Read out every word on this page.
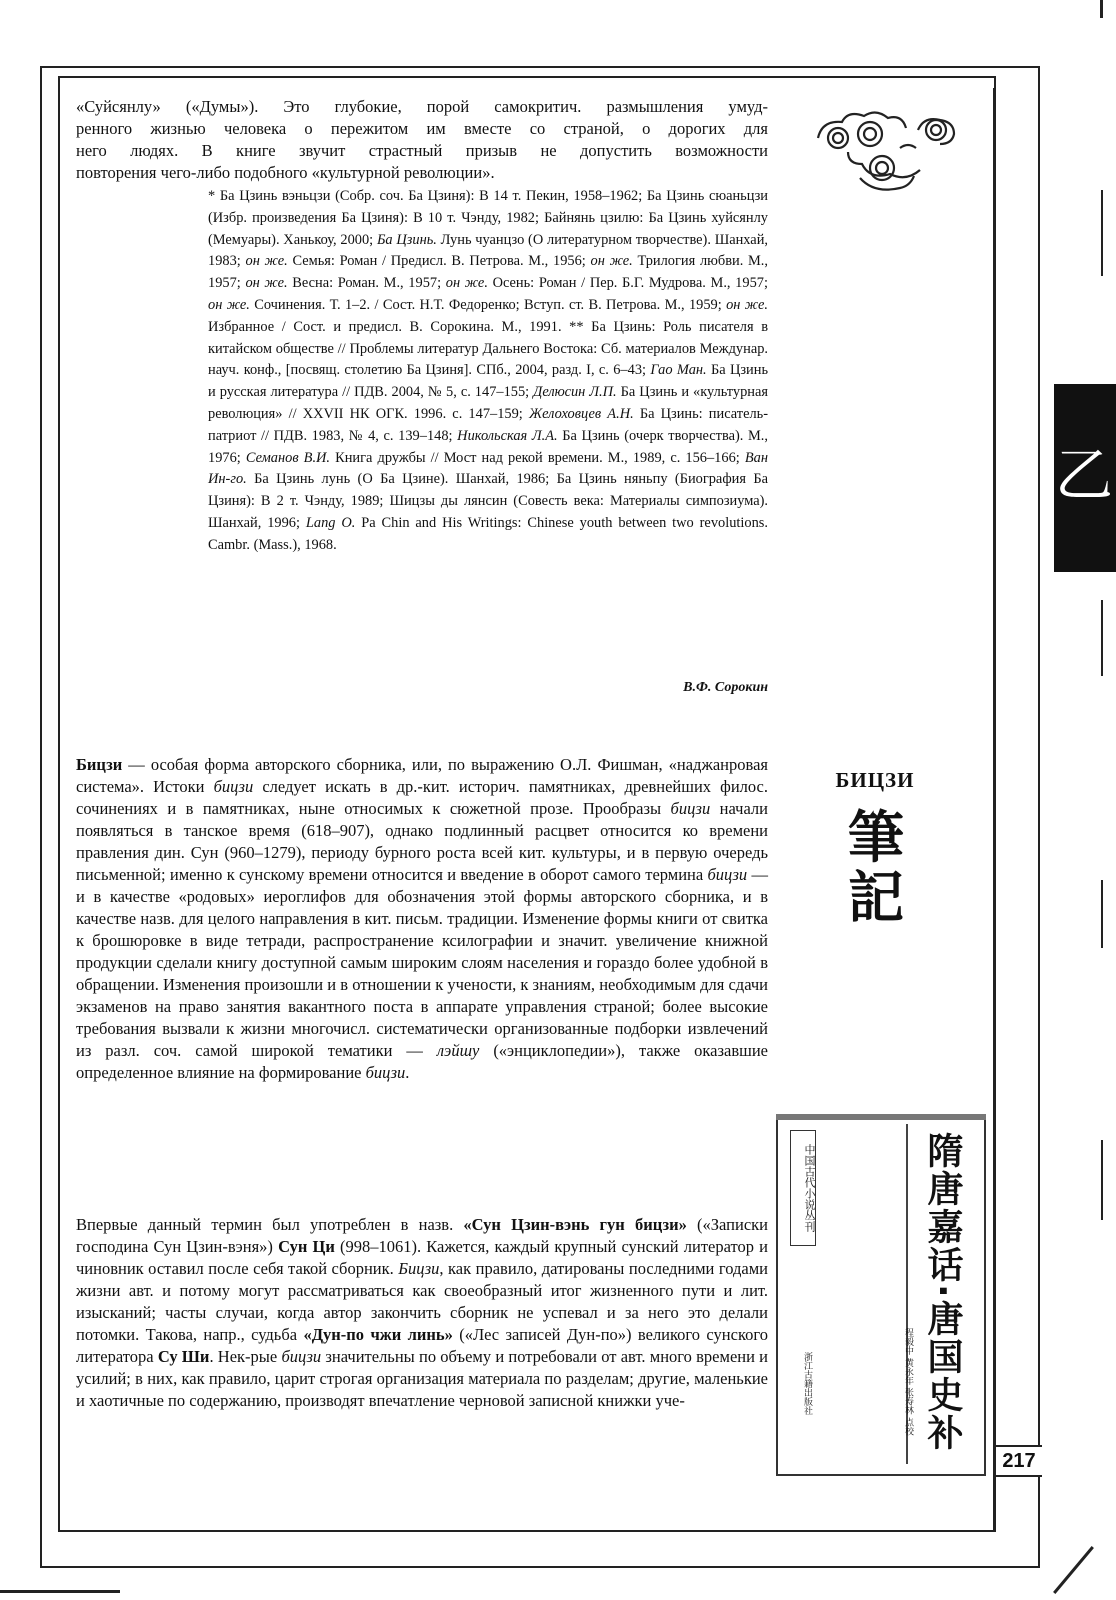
217
乙

«Суйсянлу» («Думы»). Это глубокие, порой самокритич. размышления умуд-

ренного жизнью человека о пережитом им вместе со страной, о дорогих для

него людях. В книге звучит страстный призыв не допустить возможности

повторения чего-либо подобного «культурной революции».

* Ба Цзинь вэньцзи (Собр. соч. Ба Цзиня): В 14 т. Пекин, 1958–1962; Ба Цзинь сюаньцзи (Избр. произведения Ба Цзиня): В 10 т. Чэнду, 1982; Байнянь цзилю: Ба Цзинь хуйсянлу (Мемуары). Ханькоу, 2000; Ба Цзинь. Лунь чуанцзо (О литературном творчестве). Шанхай, 1983; он же. Семья: Роман / Предисл. В. Петрова. М., 1956; он же. Трилогия любви. М., 1957; он же. Весна: Роман. М., 1957; он же. Осень: Роман / Пер. Б.Г. Мудрова. М., 1957; он же. Сочинения. Т. 1–2. / Сост. Н.Т. Федоренко; Вступ. ст. В. Петрова. М., 1959; он же. Избранное / Сост. и предисл. В. Сорокина. М., 1991. ** Ба Цзинь: Роль писателя в китайском обществе // Проблемы литератур Дальнего Востока: Сб. материалов Междунар. науч. конф., [посвящ. столетию Ба Цзиня]. СПб., 2004, разд. I, с. 6–43; Гао Ман. Ба Цзинь и русская литература // ПДВ. 2004, № 5, с. 147–155; Делюсин Л.П. Ба Цзинь и «культурная революция» // XXVII НК ОГК. 1996. с. 147–159; Желоховцев А.Н. Ба Цзинь: писатель-патриот // ПДВ. 1983, № 4, с. 139–148; Никольская Л.А. Ба Цзинь (очерк творчества). М., 1976; Семанов В.И. Книга дружбы // Мост над рекой времени. М., 1989, с. 156–166; Ван Ин-го. Ба Цзинь лунь (О Ба Цзине). Шанхай, 1986; Ба Цзинь няньпу (Биография Ба Цзиня): В 2 т. Чэнду, 1989; Шицзы ды лянсин (Совесть века: Материалы симпозиума). Шанхай, 1996; Lang O. Pa Chin and His Writings: Chinese youth between two revolutions. Cambr. (Mass.), 1968.
В.Ф. Сорокин
БИЦЗИ
筆
記
Бицзи — особая форма авторского сборника, или, по выражению О.Л. Фишман, «наджанровая система». Истоки бицзи следует искать в др.-кит. историч. памятниках, древнейших филос. сочинениях и в памятниках, ныне относимых к сюжетной прозе. Прообразы бицзи начали появляться в танское время (618–907), однако подлинный расцвет относится ко времени правления дин. Сун (960–1279), периоду бурного роста всей кит. культуры, и в первую очередь письменной; именно к сунскому времени относится и введение в оборот самого термина бицзи — и в качестве «родовых» иероглифов для обозначения этой формы авторского сборника, и в качестве назв. для целого направления в кит. письм. традиции. Изменение формы книги от свитка к брошюровке в виде тетради, распространение ксилографии и значит. увеличение книжной продукции сделали книгу доступной самым широким слоям населения и гораздо более удобной в обращении. Изменения произошли и в отношении к учености, к знаниям, необходимым для сдачи экзаменов на право занятия вакантного поста в аппарате управления страной; более высокие требования вызвали к жизни многочисл. систематически организованные подборки извлечений из разл. соч. самой широкой тематики — лэйшу («энциклопедии»), также оказавшие определенное влияние на формирование бицзи.
Впервые данный термин был употреблен в назв. «Сун Цзин-вэнь гун бицзи» («Записки господина Сун Цзин-вэня») Сун Ци (998–1061). Кажется, каждый крупный сунский литератор и чиновник оставил после себя такой сборник. Бицзи, как правило, датированы последними годами жизни авт. и потому могут рассматриваться как своеобразный итог жизненного пути и лит. изысканий; часты случаи, когда автор закончить сборник не успевал и за него это делали потомки. Такова, напр., судьба «Дун-по чжи линь» («Лес записей Дун-по») великого сунского литератора Су Ши. Нек-рые бицзи значительны по объему и потребовали от авт. много времени и усилий; в них, как правило, царит строгая организация материала по разделам; другие, маленькие и хаотичные по содержанию, производят впечатление черновой записной книжки уче-
中国古代小说丛刊	隋唐嘉话·唐国史补
程毅中 黄永年 张寿林 点校
浙江古籍出版社
